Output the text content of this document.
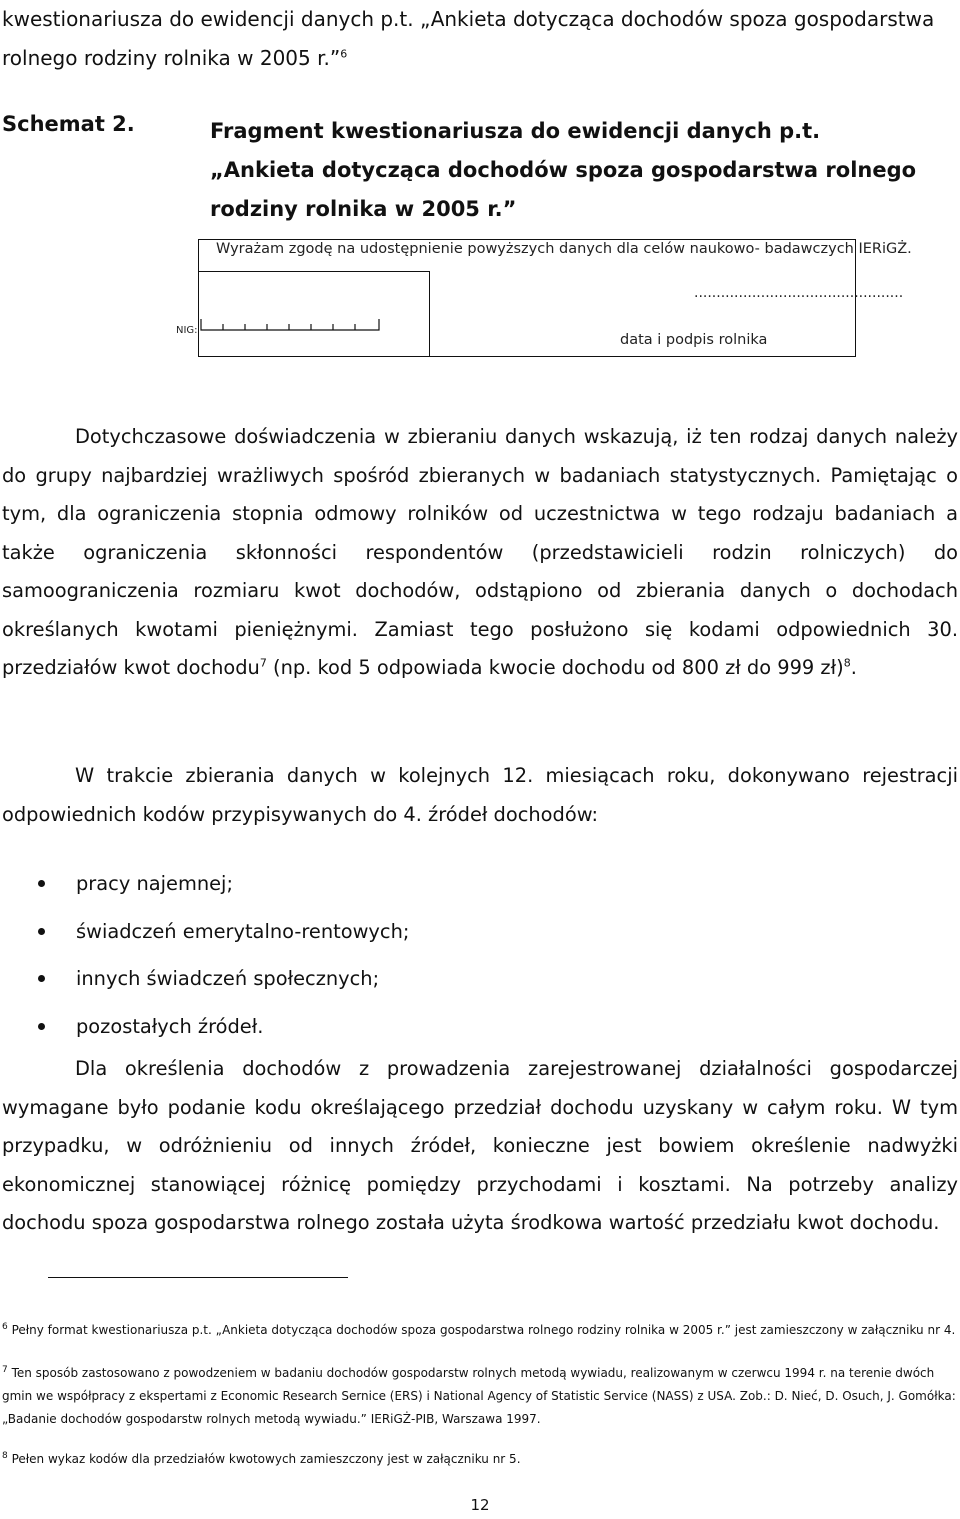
kwestionariusza do ewidencji danych p.t. „Ankieta dotycząca dochodów spoza gospodarstwa rolnego rodziny rolnika w 2005 r.”$^6$
Schemat 2.	Fragment kwestionariusza do ewidencji danych p.t. „Ankieta dotycząca dochodów spoza gospodarstwa rolnego rodziny rolnika w 2005 r.”
Wyrażam zgodę na udostępnienie powyższych danych dla celów naukowo- badawczych IERiGŻ.
NIG:
...............................................
data i podpis rolnika
Dotychczasowe doświadczenia w zbieraniu danych wskazują, iż ten rodzaj danych należy do grupy najbardziej wrażliwych spośród zbieranych w badaniach statystycznych. Pamiętając o tym, dla ograniczenia stopnia odmowy rolników od uczestnictwa w tego rodzaju badaniach a także ograniczenia skłonności respondentów (przedstawicieli rodzin rolniczych) do samoograniczenia rozmiaru kwot dochodów, odstąpiono od zbierania danych o dochodach określanych kwotami pieniężnymi. Zamiast tego posłużono się kodami odpowiednich 30. przedziałów kwot dochodu$^7$ (np. kod 5 odpowiada kwocie dochodu od 800 zł do 999 zł)$^8$.
W trakcie zbierania danych w kolejnych 12. miesiącach roku, dokonywano rejestracji odpowiednich kodów przypisywanych do 4. źródeł dochodów:
pracy najemnej;
świadczeń emerytalno-rentowych;
innych świadczeń społecznych;
pozostałych źródeł.
Dla określenia dochodów z prowadzenia zarejestrowanej działalności gospodarczej wymagane było podanie kodu określającego przedział dochodu uzyskany w całym roku. W tym przypadku, w odróżnieniu od innych źródeł, konieczne jest bowiem określenie nadwyżki ekonomicznej stanowiącej różnicę pomiędzy przychodami i kosztami. Na potrzeby analizy dochodu spoza gospodarstwa rolnego została użyta środkowa wartość przedziału kwot dochodu.
$^6$ Pełny format kwestionariusza p.t. „Ankieta dotycząca dochodów spoza gospodarstwa rolnego rodziny rolnika w 2005 r.” jest zamieszczony w załączniku nr 4.
$^7$ Ten sposób zastosowano z powodzeniem w badaniu dochodów gospodarstw rolnych metodą wywiadu, realizowanym w czerwcu 1994 r. na terenie dwóch gmin we współpracy z ekspertami z Economic Research Sernice (ERS) i National Agency of Statistic Service (NASS) z USA. Zob.: D. Nieć, D. Osuch, J. Gomółka: „Badanie dochodów gospodarstw rolnych metodą wywiadu.” IERiGŻ-PIB, Warszawa 1997.
$^8$ Pełen wykaz kodów dla przedziałów kwotowych zamieszczony jest w załączniku nr 5.
12
